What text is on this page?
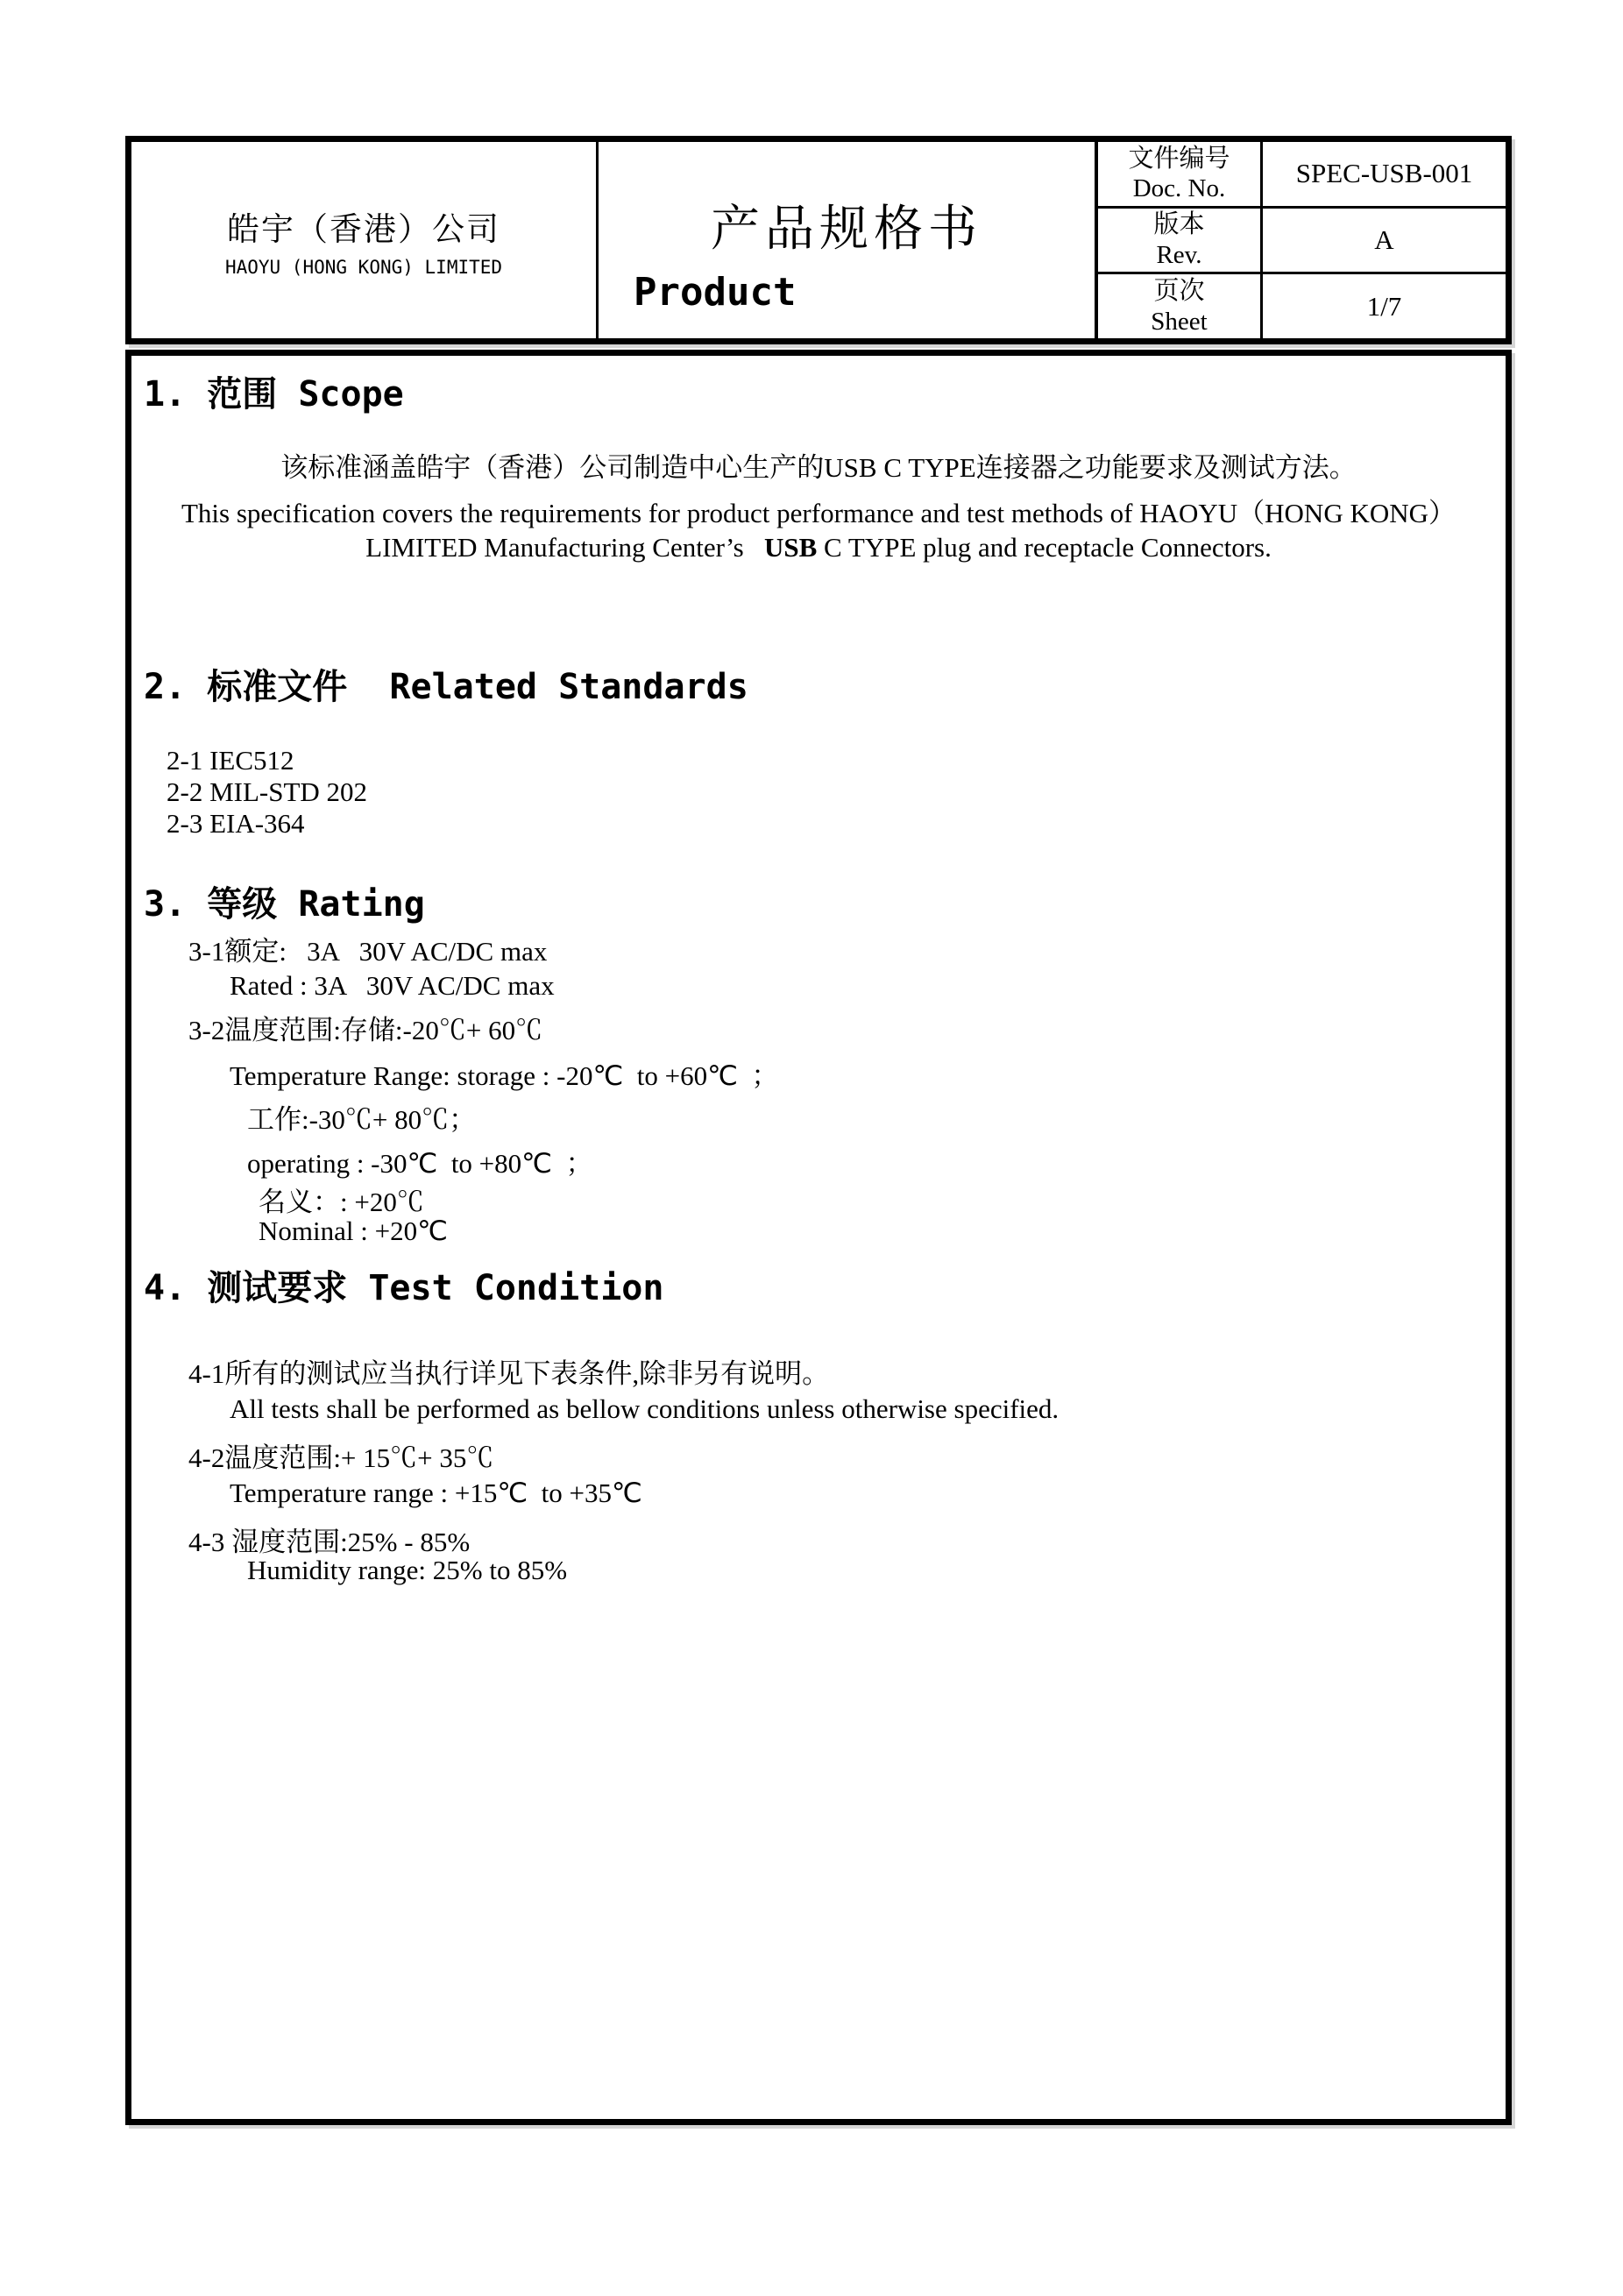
皓宇（香港）公司
HAOYU (HONG KONG) LIMITED
产品规格书
Product
文件编号
Doc. No.	SPEC-USB-001
版本
Rev.	A
页次
Sheet	1/7
1. 范围 Scope
该标准涵盖皓宇（香港）公司制造中心生产的USB C TYPE连接器之功能要求及测试方法。
This specification covers the requirements for product performance and test methods of HAOYU（HONG KONG）
LIMITED Manufacturing Center’s   USB C TYPE plug and receptacle Connectors.
2. 标准文件  Related Standards
2-1 IEC512
2-2 MIL-STD 202
2-3 EIA-364
3. 等级 Rating
3-1额定:   3A   30V AC/DC max
Rated : 3A   30V AC/DC max
3-2温度范围:存储:-20℃+ 60℃
Temperature Range: storage : -20℃  to +60℃  ；
工作:-30℃+ 80℃；
operating : -30℃  to +80℃  ；
名义：: +20℃
Nominal : +20℃
4. 测试要求 Test Condition
4-1所有的测试应当执行详见下表条件,除非另有说明。
All tests shall be performed as bellow conditions unless otherwise specified.
4-2温度范围:+ 15℃+ 35℃
Temperature range : +15℃  to +35℃
4-3 湿度范围:25% - 85%
Humidity range: 25% to 85%
